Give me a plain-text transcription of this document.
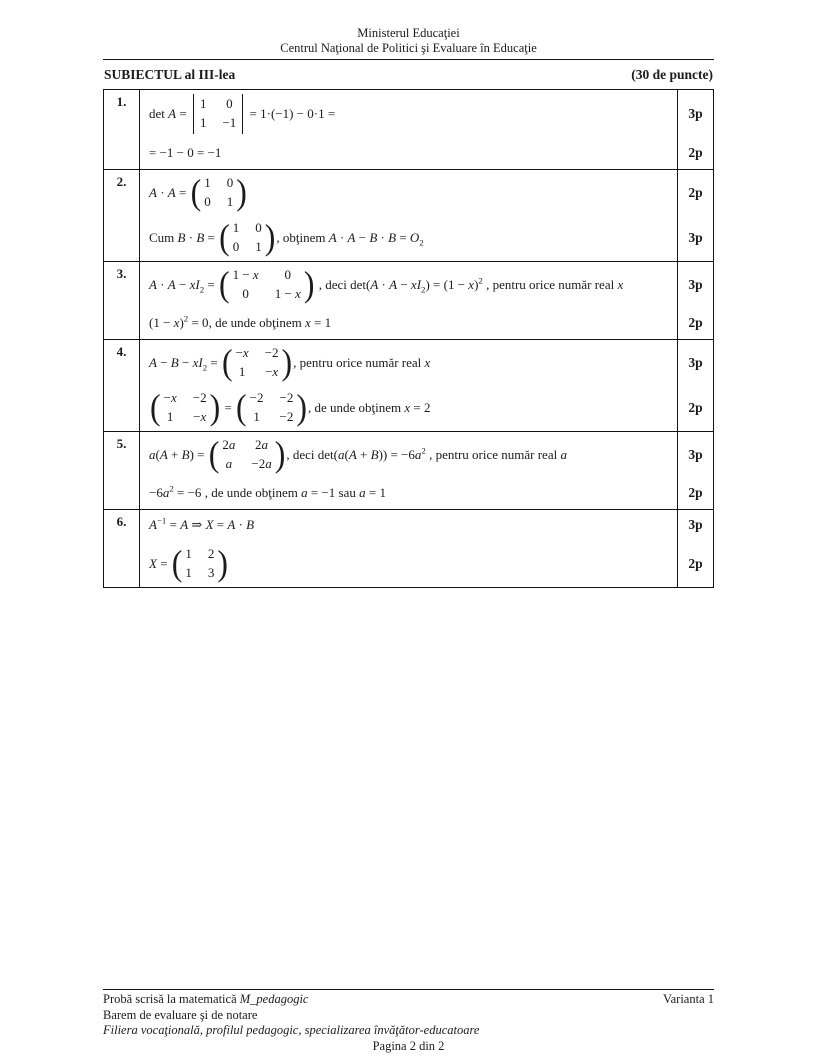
Ministerul Educaţiei
Centrul Naţional de Politici şi Evaluare în Educaţie
SUBIECTUL al III-lea	(30 de puncte)
1.
det A =
1 0
1 −1
= 1·(−1) − 0·1 =	3p
= −1 − 0 = −1	2p
2.
A · A = ( 1 0
0 1 )	2p
Cum B · B = ( 1 0
0 1 ) , obţinem $A \cdot A - B \cdot B = O_2$	3p
3.
$A \cdot A - xI_2$ = ( 1 − x 0
0 1 − x ) , deci $\det (A \cdot A - xI_2) = (1 - x)^2$ , pentru orice număr real x	3p
$(1 - x)^2 = 0$ , de unde obţinem x = 1	2p
4.
$A - B - xI_2$ = ( −x −2
1 −x ) , pentru orice număr real x	3p
( −x −2
1 −x ) = ( −2 −2
1 −2 ) , de unde obţinem x = 2	2p
5.
a(A + B) = ( 2a 2a
a −2a ) , deci $\det (a(A + B)) = -6a^2$ , pentru orice număr real a	3p
$-6a^2 = -6$ , de unde obţinem a = −1 sau a = 1	2p
6.	$A^{-1} = A$ ⇒ X = A · B	3p
X = ( 1 2
1 3 )	2p
Probă scrisă la matematică M_pedagogic	Varianta 1
Barem de evaluare şi de notare
Filiera vocaţională, profilul pedagogic, specializarea învăţător-educatoare
Pagina 2 din 2
